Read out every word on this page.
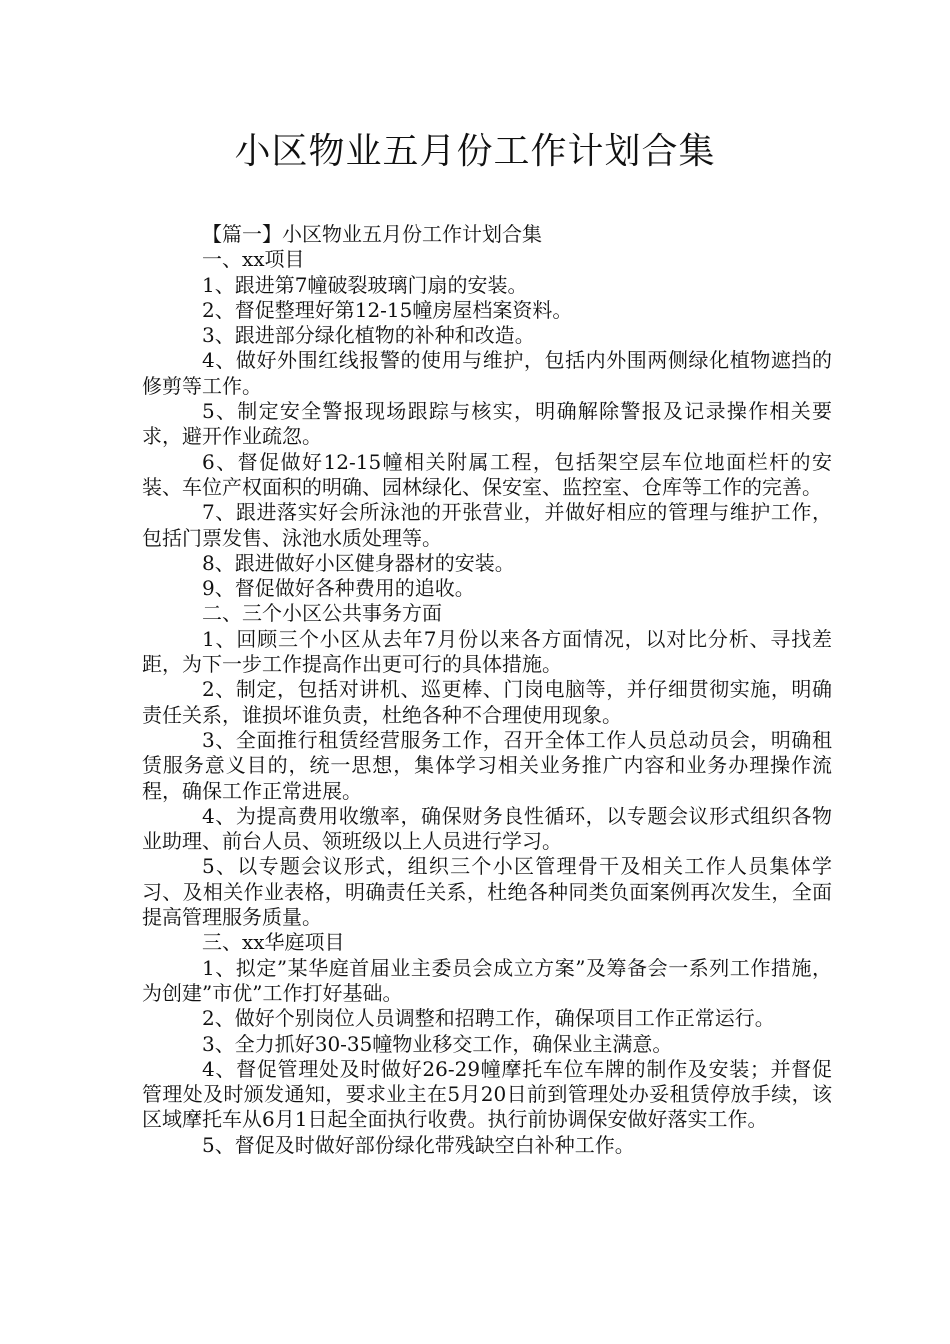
小区物业五月份工作计划合集

【篇一】小区物业五月份工作计划合集

一、xx项目

1、跟进第7幢破裂玻璃门扇的安装。

2、督促整理好第12-15幢房屋档案资料。

3、跟进部分绿化植物的补种和改造。

4、做好外围红线报警的使用与维护，包括内外围两侧绿化植物遮挡的修剪等工作。

5、制定安全警报现场跟踪与核实，明确解除警报及记录操作相关要求，避开作业疏忽。

6、督促做好12-15幢相关附属工程，包括架空层车位地面栏杆的安装、车位产权面积的明确、园林绿化、保安室、监控室、仓库等工作的完善。

7、跟进落实好会所泳池的开张营业，并做好相应的管理与维护工作，包括门票发售、泳池水质处理等。

8、跟进做好小区健身器材的安装。

9、督促做好各种费用的追收。

二、三个小区公共事务方面

1、回顾三个小区从去年7月份以来各方面情况，以对比分析、寻找差距，为下一步工作提高作出更可行的具体措施。

2、制定，包括对讲机、巡更棒、门岗电脑等，并仔细贯彻实施，明确责任关系，谁损坏谁负责，杜绝各种不合理使用现象。

3、全面推行租赁经营服务工作，召开全体工作人员总动员会，明确租赁服务意义目的，统一思想，集体学习相关业务推广内容和业务办理操作流程，确保工作正常进展。

4、为提高费用收缴率，确保财务良性循环，以专题会议形式组织各物业助理、前台人员、领班级以上人员进行学习。

5、以专题会议形式，组织三个小区管理骨干及相关工作人员集体学习、及相关作业表格，明确责任关系，杜绝各种同类负面案例再次发生，全面提高管理服务质量。

三、xx华庭项目

1、拟定”某华庭首届业主委员会成立方案”及筹备会一系列工作措施，为创建”市优”工作打好基础。

2、做好个别岗位人员调整和招聘工作，确保项目工作正常运行。

3、全力抓好30-35幢物业移交工作，确保业主满意。

4、督促管理处及时做好26-29幢摩托车位车牌的制作及安装；并督促管理处及时颁发通知，要求业主在5月20日前到管理处办妥租赁停放手续，该区域摩托车从6月1日起全面执行收费。执行前协调保安做好落实工作。

5、督促及时做好部份绿化带残缺空白补种工作。
